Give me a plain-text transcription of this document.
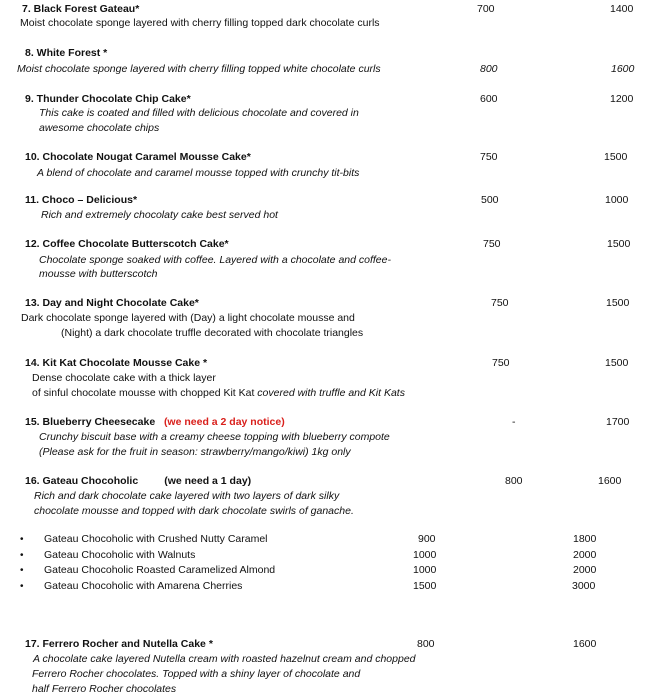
7. Black Forest Gateau*	700	1400
Moist chocolate sponge layered with cherry filling topped dark chocolate curls
8. White Forest *
Moist chocolate sponge layered with cherry filling topped white chocolate curls	800	1600
9. Thunder Chocolate Chip Cake*	600	1200
This cake is coated and filled with delicious chocolate and covered in
awesome chocolate chips
10. Chocolate Nougat Caramel Mousse Cake*	750	1500
A blend of chocolate and caramel mousse topped with crunchy tit-bits
11. Choco – Delicious*	500	1000
Rich and extremely chocolaty cake best served hot
12. Coffee Chocolate Butterscotch Cake*	750	1500
Chocolate sponge soaked with coffee. Layered with a chocolate and coffee-
mousse with butterscotch
13. Day and Night Chocolate Cake*	750	1500
Dark chocolate sponge layered with (Day) a light chocolate mousse and
(Night) a dark chocolate truffle decorated with chocolate triangles
14. Kit Kat Chocolate Mousse Cake *	750	1500
Dense chocolate cake with a thick layer
of sinful chocolate mousse with chopped Kit Kat covered with truffle and Kit Kats
15. Blueberry Cheesecake (we need a 2 day notice)	-	1700
Crunchy biscuit base with a creamy cheese topping with blueberry compote
(Please ask for the fruit in season: strawberry/mango/kiwi) 1kg only
16. Gateau Chocoholic (we need a 1 day)	800	1600
Rich and dark chocolate cake layered with two layers of dark silky
chocolate mousse and topped with dark chocolate swirls of ganache.
• Gateau Chocoholic with Crushed Nutty Caramel	900	1800
• Gateau Chocoholic with Walnuts	1000	2000
• Gateau Chocoholic Roasted Caramelized Almond	1000	2000
• Gateau Chocoholic with Amarena Cherries	1500	3000
17. Ferrero Rocher and Nutella Cake *	800	1600
A chocolate cake layered Nutella cream with roasted hazelnut cream and chopped
Ferrero Rocher chocolates. Topped with a shiny layer of chocolate and
half Ferrero Rocher chocolates
